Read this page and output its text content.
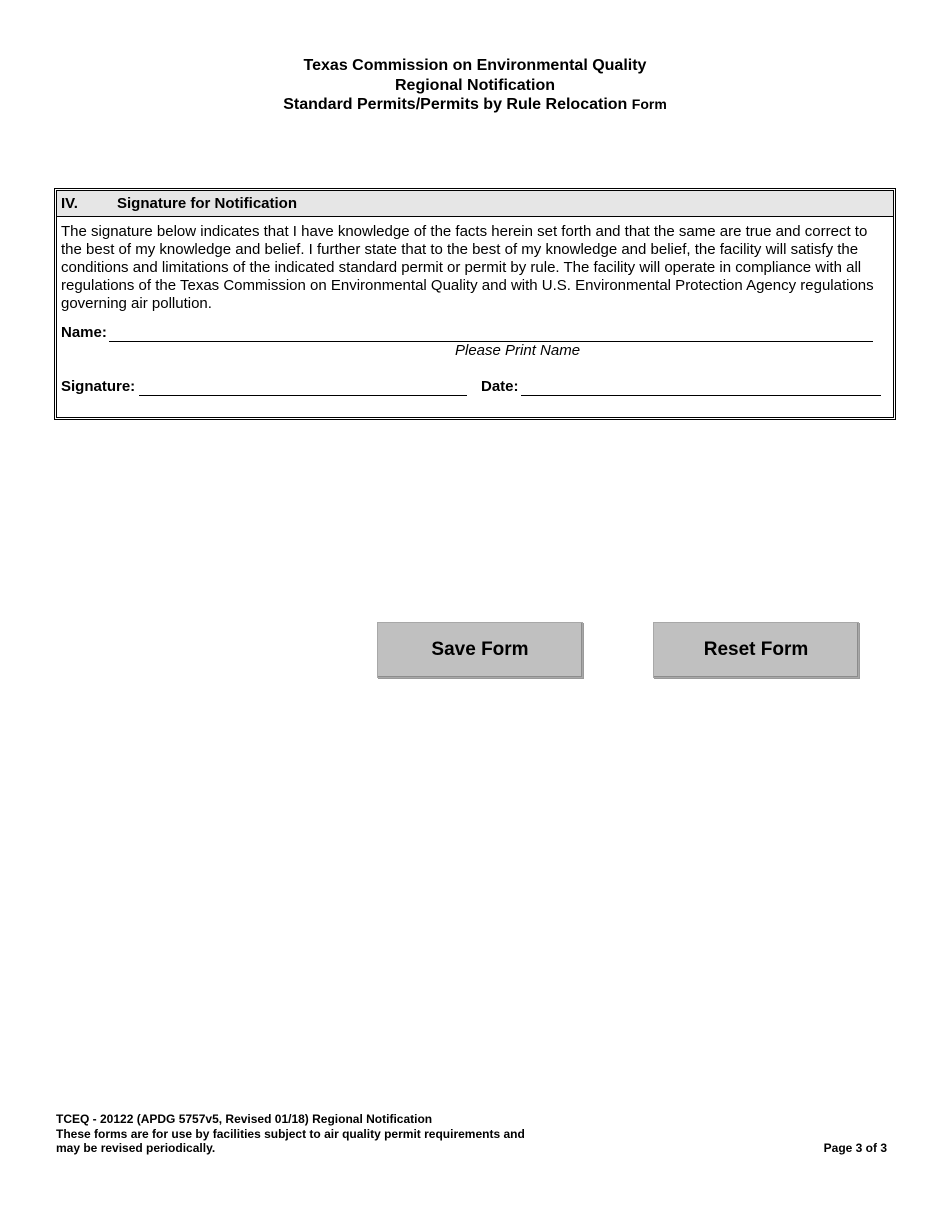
Texas Commission on Environmental Quality
Regional Notification
Standard Permits/Permits by Rule Relocation Form
IV.	Signature for Notification

The signature below indicates that I have knowledge of the facts herein set forth and that the same are true and correct to the best of my knowledge and belief. I further state that to the best of my knowledge and belief, the facility will satisfy the conditions and limitations of the indicated standard permit or permit by rule. The facility will operate in compliance with all regulations of the Texas Commission on Environmental Quality and with U.S. Environmental Protection Agency regulations governing air pollution.

Name:
Please Print Name
Signature:	Date:
Save Form	Reset Form
TCEQ - 20122 (APDG 5757v5, Revised 01/18) Regional Notification
These forms are for use by facilities subject to air quality permit requirements and
may be revised periodically.	Page 3 of 3
